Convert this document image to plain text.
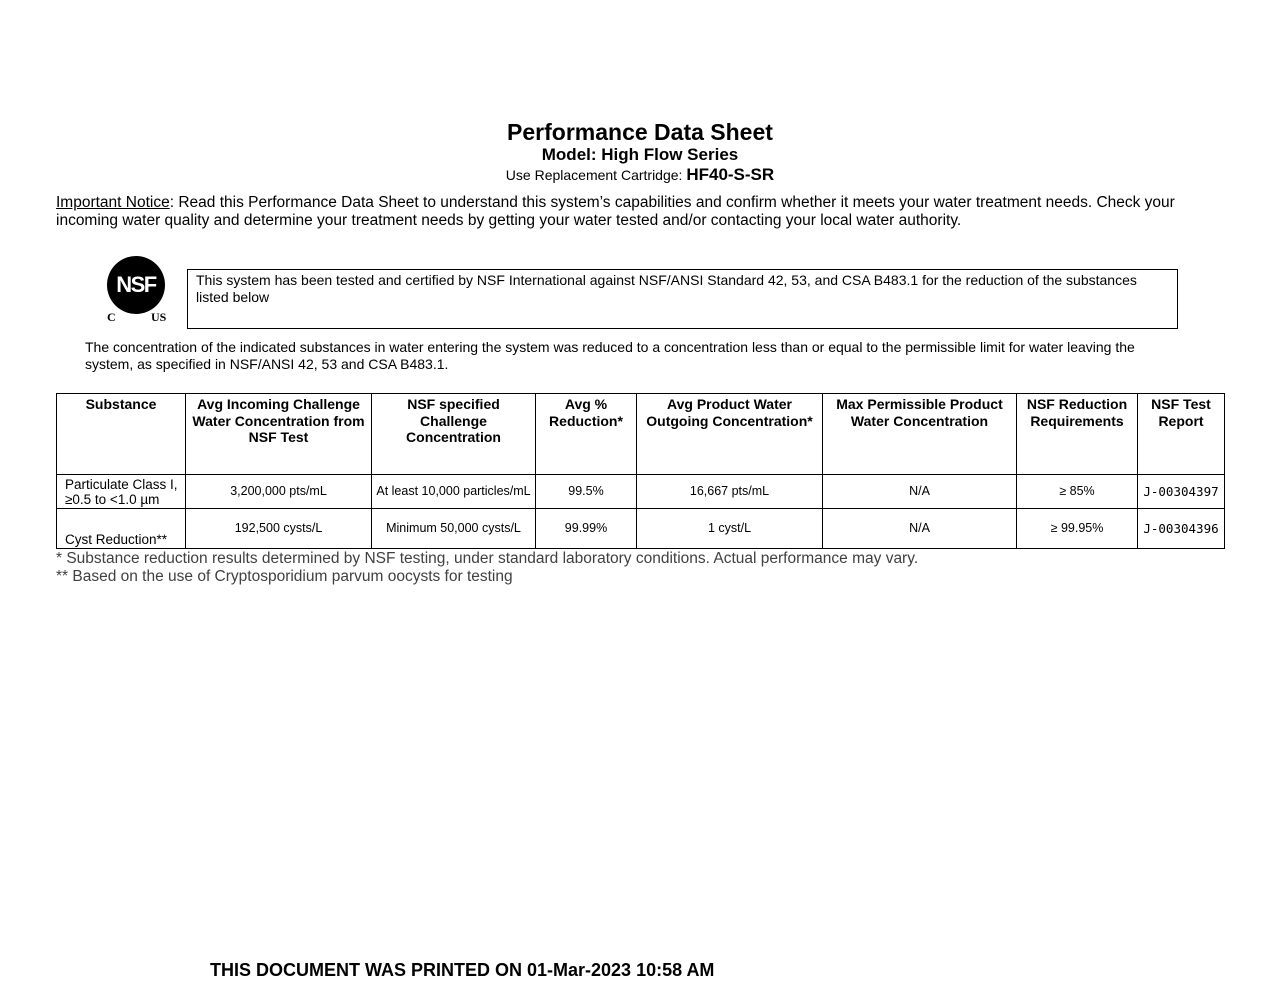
Performance Data Sheet
Model: High Flow Series
Use Replacement Cartridge: HF40-S-SR
Important Notice: Read this Performance Data Sheet to understand this system’s capabilities and confirm whether it meets your water treatment needs. Check your incoming water quality and determine your treatment needs by getting your water tested and/or contacting your local water authority.
NSF
C	US
This system has been tested and certified by NSF International against NSF/ANSI Standard 42, 53, and CSA B483.1 for the reduction of the substances listed below
The concentration of the indicated substances in water entering the system was reduced to a concentration less than or equal to the permissible limit for water leaving the system, as specified in NSF/ANSI 42, 53 and CSA B483.1.
Substance	Avg Incoming Challenge Water Concentration from NSF Test	NSF specified Challenge Concentration	Avg % Reduction*	Avg Product Water Outgoing Concentration*	Max Permissible Product Water Concentration	NSF Reduction Requirements	NSF Test Report
Particulate Class I, ≥0.5 to <1.0 µm	3,200,000 pts/mL	At least 10,000 particles/mL	99.5%	16,667 pts/mL	N/A	≥ 85%	J-00304397
Cyst Reduction**	192,500 cysts/L	Minimum 50,000 cysts/L	99.99%	1 cyst/L	N/A	≥ 99.95%	J-00304396
* Substance reduction results determined by NSF testing, under standard laboratory conditions. Actual performance may vary.
** Based on the use of Cryptosporidium parvum oocysts for testing
THIS DOCUMENT WAS PRINTED ON 01-Mar-2023 10:58 AM
